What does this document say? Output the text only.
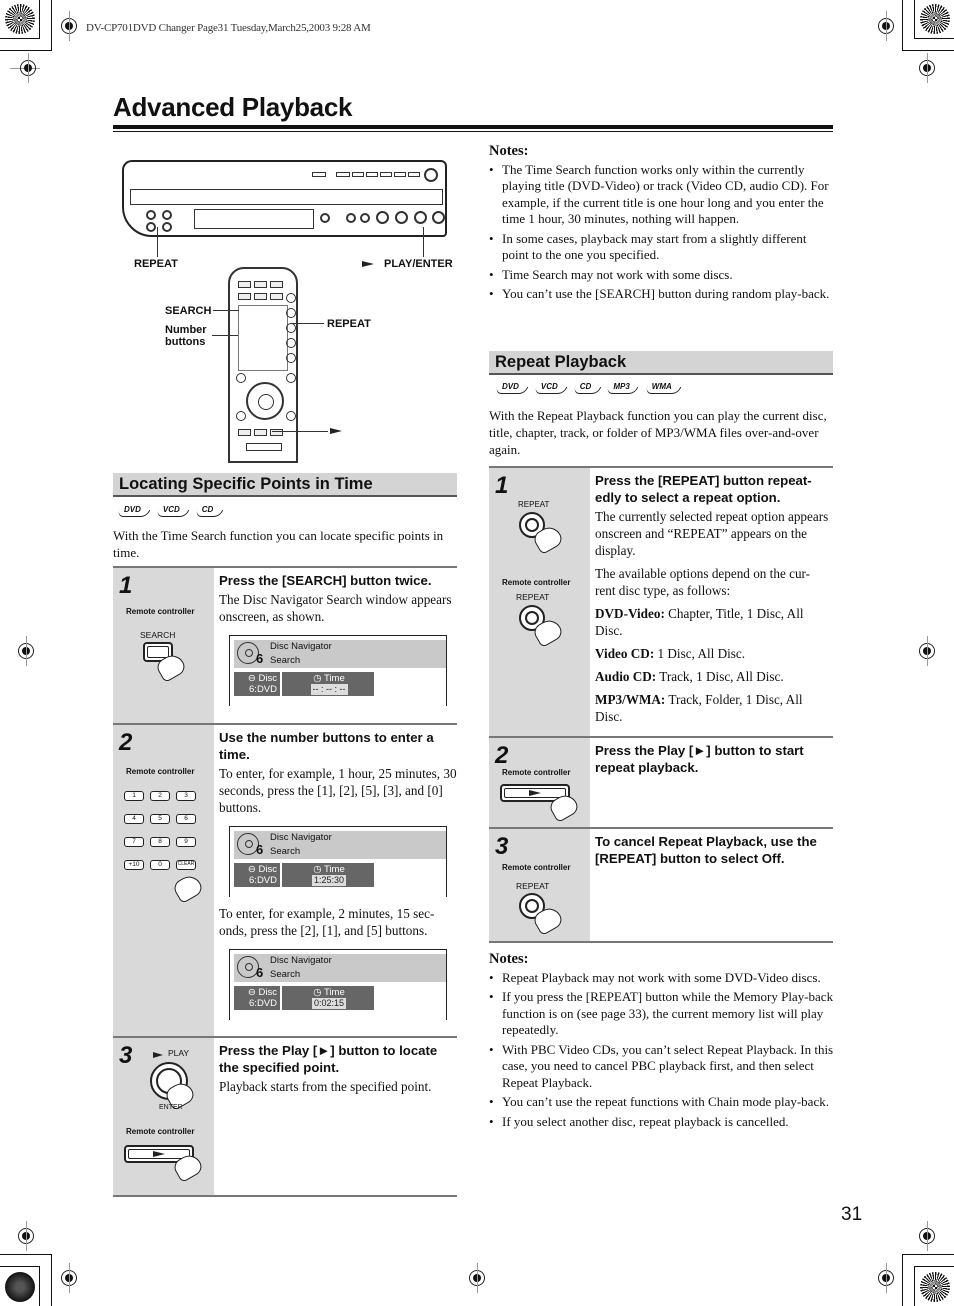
DV-CP701DVD Changer Page31 Tuesday,March25,2003 9:28 AM
Advanced Playback
REPEAT	PLAY/ENTER
SEARCH
Number buttons
REPEAT
Notes:
• The Time Search function works only within the currently playing title (DVD-Video) or track (Video CD, audio CD). For example, if the current title is one hour long and you enter the time 1 hour, 30 minutes, nothing will happen.
• In some cases, playback may start from a slightly different point to the one you specified.
• Time Search may not work with some discs.
• You can’t use the [SEARCH] button during random play-back.
Locating Specific Points in Time
DVD	VCD	CD
With the Time Search function you can locate specific points in time.
1
Remote controller
SEARCH
Press the [SEARCH] button twice.
The Disc Navigator Search window appears onscreen, as shown.
6
Disc Navigator
Search
⊖ Disc
6:DVD
◷ Time
-- : -- : --
2
Remote controller
1	2	3
4	5	6
7	8	9
+10	0	CLEAR
Use the number buttons to enter a time.
To enter, for example, 1 hour, 25 minutes, 30 seconds, press the [1], [2], [5], [3], and [0] buttons.
6
Disc Navigator
Search
⊖ Disc
6:DVD
◷ Time
1:25:30
To enter, for example, 2 minutes, 15 sec-onds, press the [2], [1], and [5] buttons.
6
Disc Navigator
Search
⊖ Disc
6:DVD
◷ Time
0:02:15
3	PLAY
ENTER
Remote controller
Press the Play [►] button to locate the specified point.
Playback starts from the specified point.
Repeat Playback
DVD	VCD	CD	MP3	WMA
With the Repeat Playback function you can play the current disc, title, chapter, track, or folder of MP3/WMA files over-and-over again.
1
REPEAT
Remote controller
REPEAT
Press the [REPEAT] button repeat-edly to select a repeat option.
The currently selected repeat option appears onscreen and “REPEAT” appears on the display.
The available options depend on the cur-rent disc type, as follows:
DVD-Video: Chapter, Title, 1 Disc, All Disc.
Video CD: 1 Disc, All Disc.
Audio CD: Track, 1 Disc, All Disc.
MP3/WMA: Track, Folder, 1 Disc, All Disc.
2
Remote controller
Press the Play [►] button to start repeat playback.
3
Remote controller
REPEAT
To cancel Repeat Playback, use the [REPEAT] button to select Off.
Notes:
• Repeat Playback may not work with some DVD-Video discs.
• If you press the [REPEAT] button while the Memory Play-back function is on (see page 33), the current memory list will play repeatedly.
• With PBC Video CDs, you can’t select Repeat Playback. In this case, you need to cancel PBC playback first, and then select Repeat Playback.
• You can’t use the repeat functions with Chain mode play-back.
• If you select another disc, repeat playback is cancelled.
31
